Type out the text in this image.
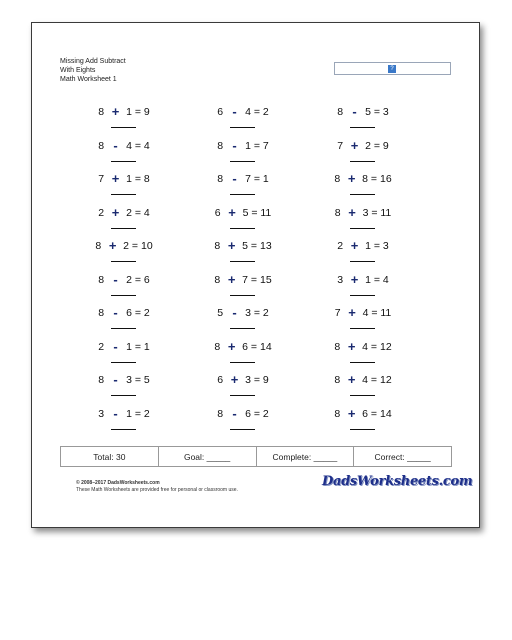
Missing Add Subtract
With Eights
Math Worksheet 1
?
8 + 1 = 9	6 - 4 = 2	8 - 5 = 3
8 - 4 = 4	8 - 1 = 7	7 + 2 = 9
7 + 1 = 8	8 - 7 = 1	8 + 8 = 16
2 + 2 = 4	6 + 5 = 11	8 + 3 = 11
8 + 2 = 10	8 + 5 = 13	2 + 1 = 3
8 - 2 = 6	8 + 7 = 15	3 + 1 = 4
8 - 6 = 2	5 - 3 = 2	7 + 4 = 11
2 - 1 = 1	8 + 6 = 14	8 + 4 = 12
8 - 3 = 5	6 + 3 = 9	8 + 4 = 12
3 - 1 = 2	8 - 6 = 2	8 + 6 = 14
Total: 30	Goal: _____	Complete: _____	Correct: _____
© 2008–2017 DadsWorksheets.com
These Math Worksheets are provided free for personal or classroom use.
DadsWorksheets.com
